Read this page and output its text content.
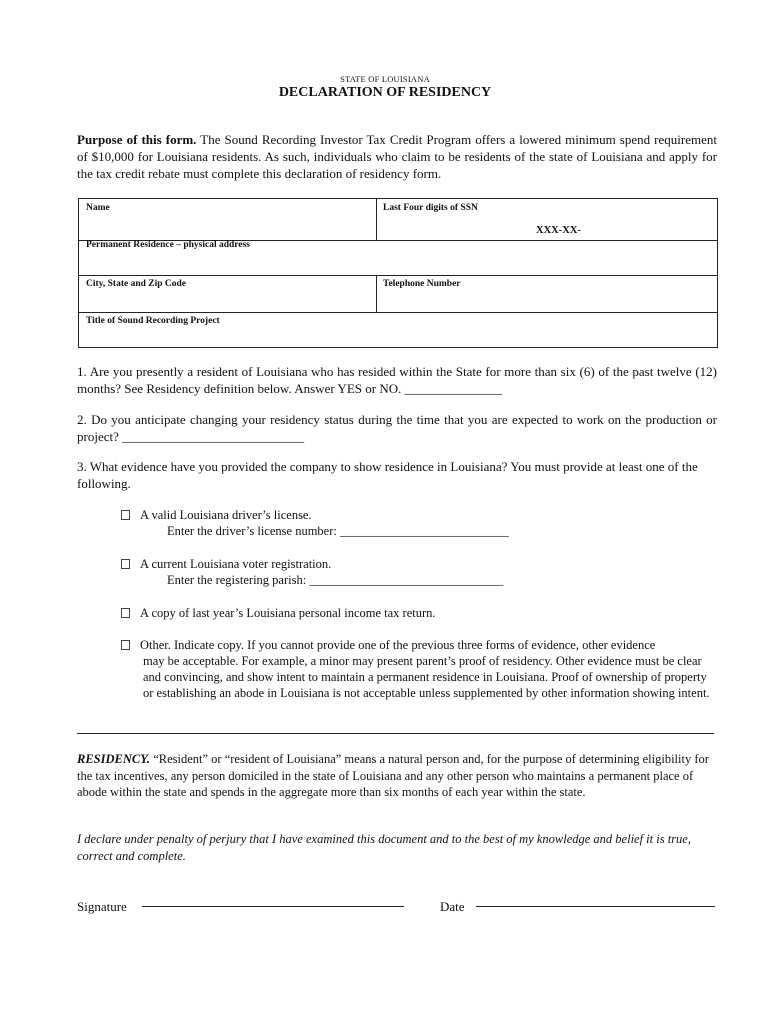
STATE OF LOUISIANA
DECLARATION OF RESIDENCY
Purpose of this form. The Sound Recording Investor Tax Credit Program offers a lowered minimum spend requirement of $10,000 for Louisiana residents. As such, individuals who claim to be residents of the state of Louisiana and apply for the tax credit rebate must complete this declaration of residency form.
Name	Last Four digits of SSN
XXX-XX-
Permanent Residence – physical address
City, State and Zip Code	Telephone Number
Title of Sound Recording Project
1. Are you presently a resident of Louisiana who has resided within the State for more than six (6) of the past twelve (12) months? See Residency definition below. Answer YES or NO. _______________
2. Do you anticipate changing your residency status during the time that you are expected to work on the production or project? ____________________________
3. What evidence have you provided the company to show residence in Louisiana? You must provide at least one of the following.
A valid Louisiana driver’s license.
Enter the driver’s license number: ___________________________
A current Louisiana voter registration.
Enter the registering parish: _______________________________
A copy of last year’s Louisiana personal income tax return.
Other. Indicate copy. If you cannot provide one of the previous three forms of evidence, other evidence
may be acceptable. For example, a minor may present parent’s proof of residency. Other evidence must be clear and convincing, and show intent to maintain a permanent residence in Louisiana. Proof of ownership of property or establishing an abode in Louisiana is not acceptable unless supplemented by other information showing intent.
RESIDENCY. “Resident” or “resident of Louisiana” means a natural person and, for the purpose of determining eligibility for the tax incentives, any person domiciled in the state of Louisiana and any other person who maintains a permanent place of abode within the state and spends in the aggregate more than six months of each year within the state.
I declare under penalty of perjury that I have examined this document and to the best of my knowledge and belief it is true, correct and complete.
Signature	Date
